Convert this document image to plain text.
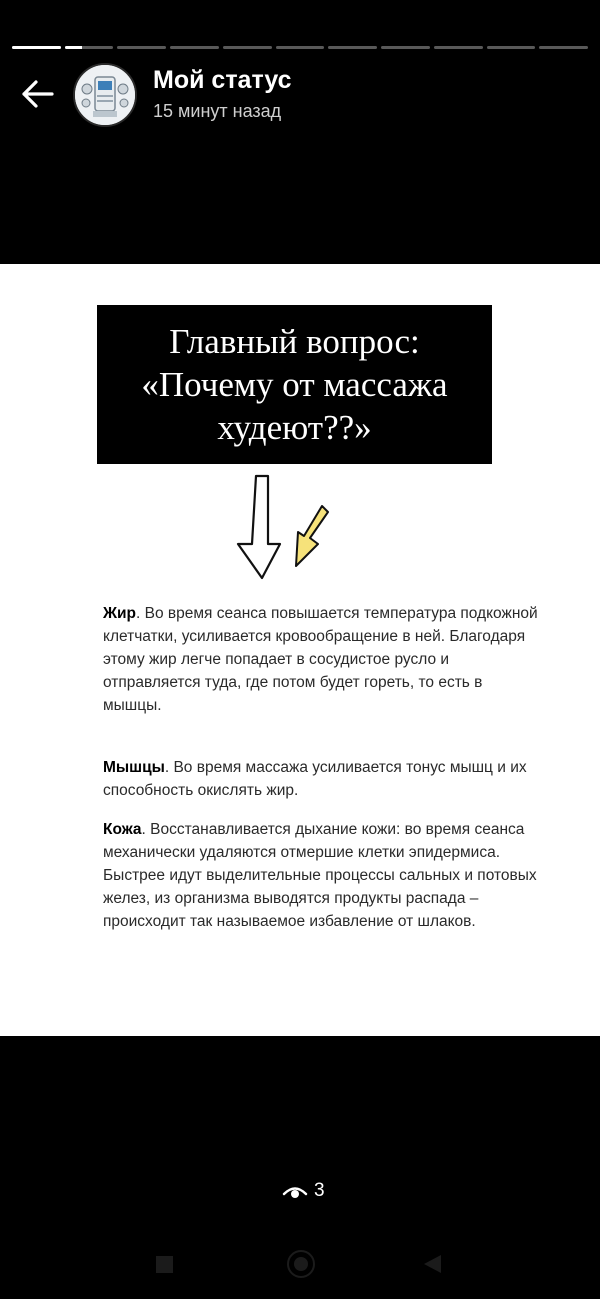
Мой статус
15 минут назад
Главный вопрос:
«Почему от массажа
худеют??»

Жир. Во время сеанса повышается температура подкожной клетчатки, усиливается кровообращение в ней. Благодаря этому жир легче попадает в сосудистое русло и отправляется туда, где потом будет гореть, то есть в мышцы.

Мышцы. Во время массажа усиливается тонус мышц и их способность окислять жир.

Кожа. Восстанавливается дыхание кожи: во время сеанса механически удаляются отмершие клетки эпидермиса. Быстрее идут выделительные процессы сальных и потовых желез, из организма выводятся продукты распада – происходит так называемое избавление от шлаков.

3
